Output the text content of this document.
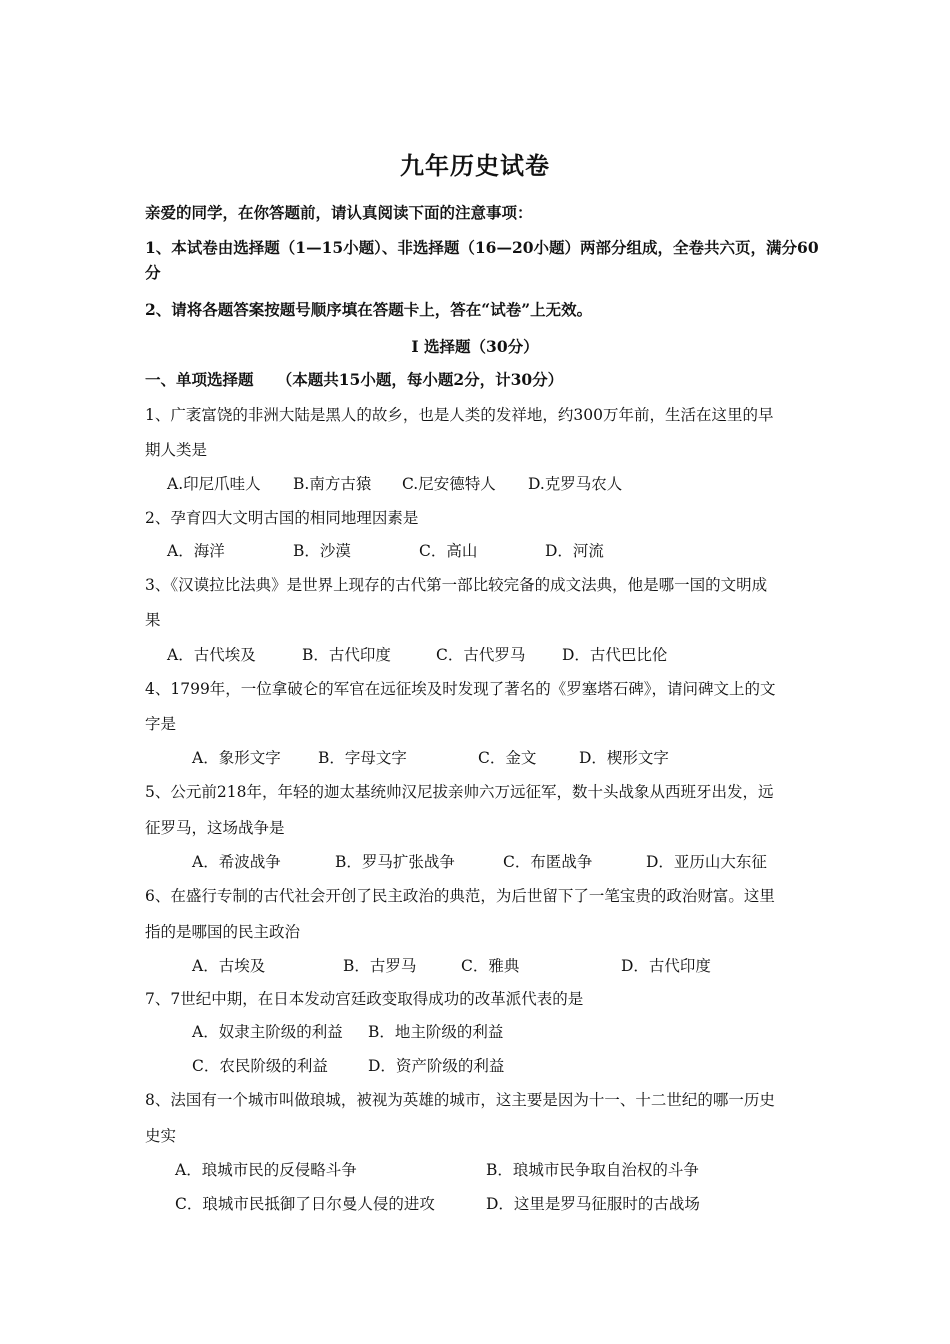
九年历史试卷
亲爱的同学，在你答题前，请认真阅读下面的注意事项：
1、本试卷由选择题（1—15小题）、非选择题（16—20小题）两部分组成，全卷共六页，满分60
分
2、请将各题答案按题号顺序填在答题卡上，答在“试卷”上无效。
I 选择题（30分）
一、单项选择题　　（本题共15小题，每小题2分，计30分）
1、广袤富饶的非洲大陆是黑人的故乡，也是人类的发祥地，约300万年前，生活在这里的早
期人类是
A.印尼爪哇人 B.南方古猿 C.尼安德特人 D.克罗马农人
2、孕育四大文明古国的相同地理因素是
A．海洋	B．沙漠	C．高山	D．河流
3、《汉谟拉比法典》是世界上现存的古代第一部比较完备的成文法典，他是哪一国的文明成
果
A．古代埃及	B．古代印度	C．古代罗马 D．古代巴比伦
4、1799年，一位拿破仑的军官在远征埃及时发现了著名的《罗塞塔石碑》，请问碑文上的文
字是
A．象形文字 B．字母文字	C．金文	D．楔形文字
5、公元前218年，年轻的迦太基统帅汉尼拔亲帅六万远征军，数十头战象从西班牙出发，远
征罗马，这场战争是
A．希波战争	B．罗马扩张战争	C．布匿战争	D．亚历山大东征
6、在盛行专制的古代社会开创了民主政治的典范，为后世留下了一笔宝贵的政治财富。这里
指的是哪国的民主政治
A．古埃及	B．古罗马	C．雅典	D．古代印度
7、7世纪中期，在日本发动宫廷政变取得成功的改革派代表的是
A．奴隶主阶级的利益 B．地主阶级的利益
C．农民阶级的利益	D．资产阶级的利益
8、法国有一个城市叫做琅城，被视为英雄的城市，这主要是因为十一、十二世纪的哪一历史
史实
A．琅城市民的反侵略斗争	B．琅城市民争取自治权的斗争
C．琅城市民抵御了日尔曼人侵的进攻	D．这里是罗马征服时的古战场
